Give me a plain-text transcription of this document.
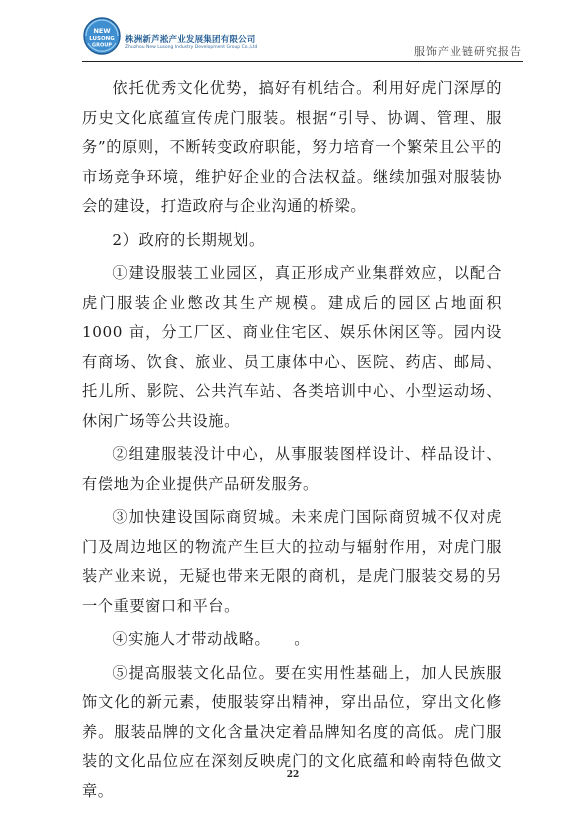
NEW
LUSONG
GROUP
株洲新芦淞产业发展集团有限公司
Zhuzhou New Lusong Industry Development Group Co.,Ltd	服饰产业链研究报告

依托优秀文化优势，搞好有机结合。利用好虎门深厚的历史文化底蕴宣传虎门服装。根据“引导、协调、管理、服务”的原则，不断转变政府职能，努力培育一个繁荣且公平的市场竞争环境，维护好企业的合法权益。继续加强对服装协会的建设，打造政府与企业沟通的桥梁。

2）政府的长期规划。

①建设服装工业园区，真正形成产业集群效应，以配合虎门服装企业憋改其生产规模。建成后的园区占地面积 1000 亩，分工厂区、商业住宅区、娱乐休闲区等。园内设有商场、饮食、旅业、员工康体中心、医院、药店、邮局、托儿所、影院、公共汽车站、各类培训中心、小型运动场、休闲广场等公共设施。

②组建服装没计中心，从事服装图样设计、样品设计、有偿地为企业提供产品研发服务。

③加快建设国际商贸城。未来虎门国际商贸城不仅对虎门及周边地区的物流产生巨大的拉动与辐射作用，对虎门服装产业来说，无疑也带来无限的商机，是虎门服装交易的另一个重要窗口和平台。

④实施人才带动战略。　　。

⑤提高服装文化品位。要在实用性基础上，加人民族服饰文化的新元素，使服装穿出精神，穿出品位，穿出文化修养。服装品牌的文化含量决定着品牌知名度的高低。虎门服装的文化品位应在深刻反映虎门的文化底蕴和岭南特色做文章。

22
